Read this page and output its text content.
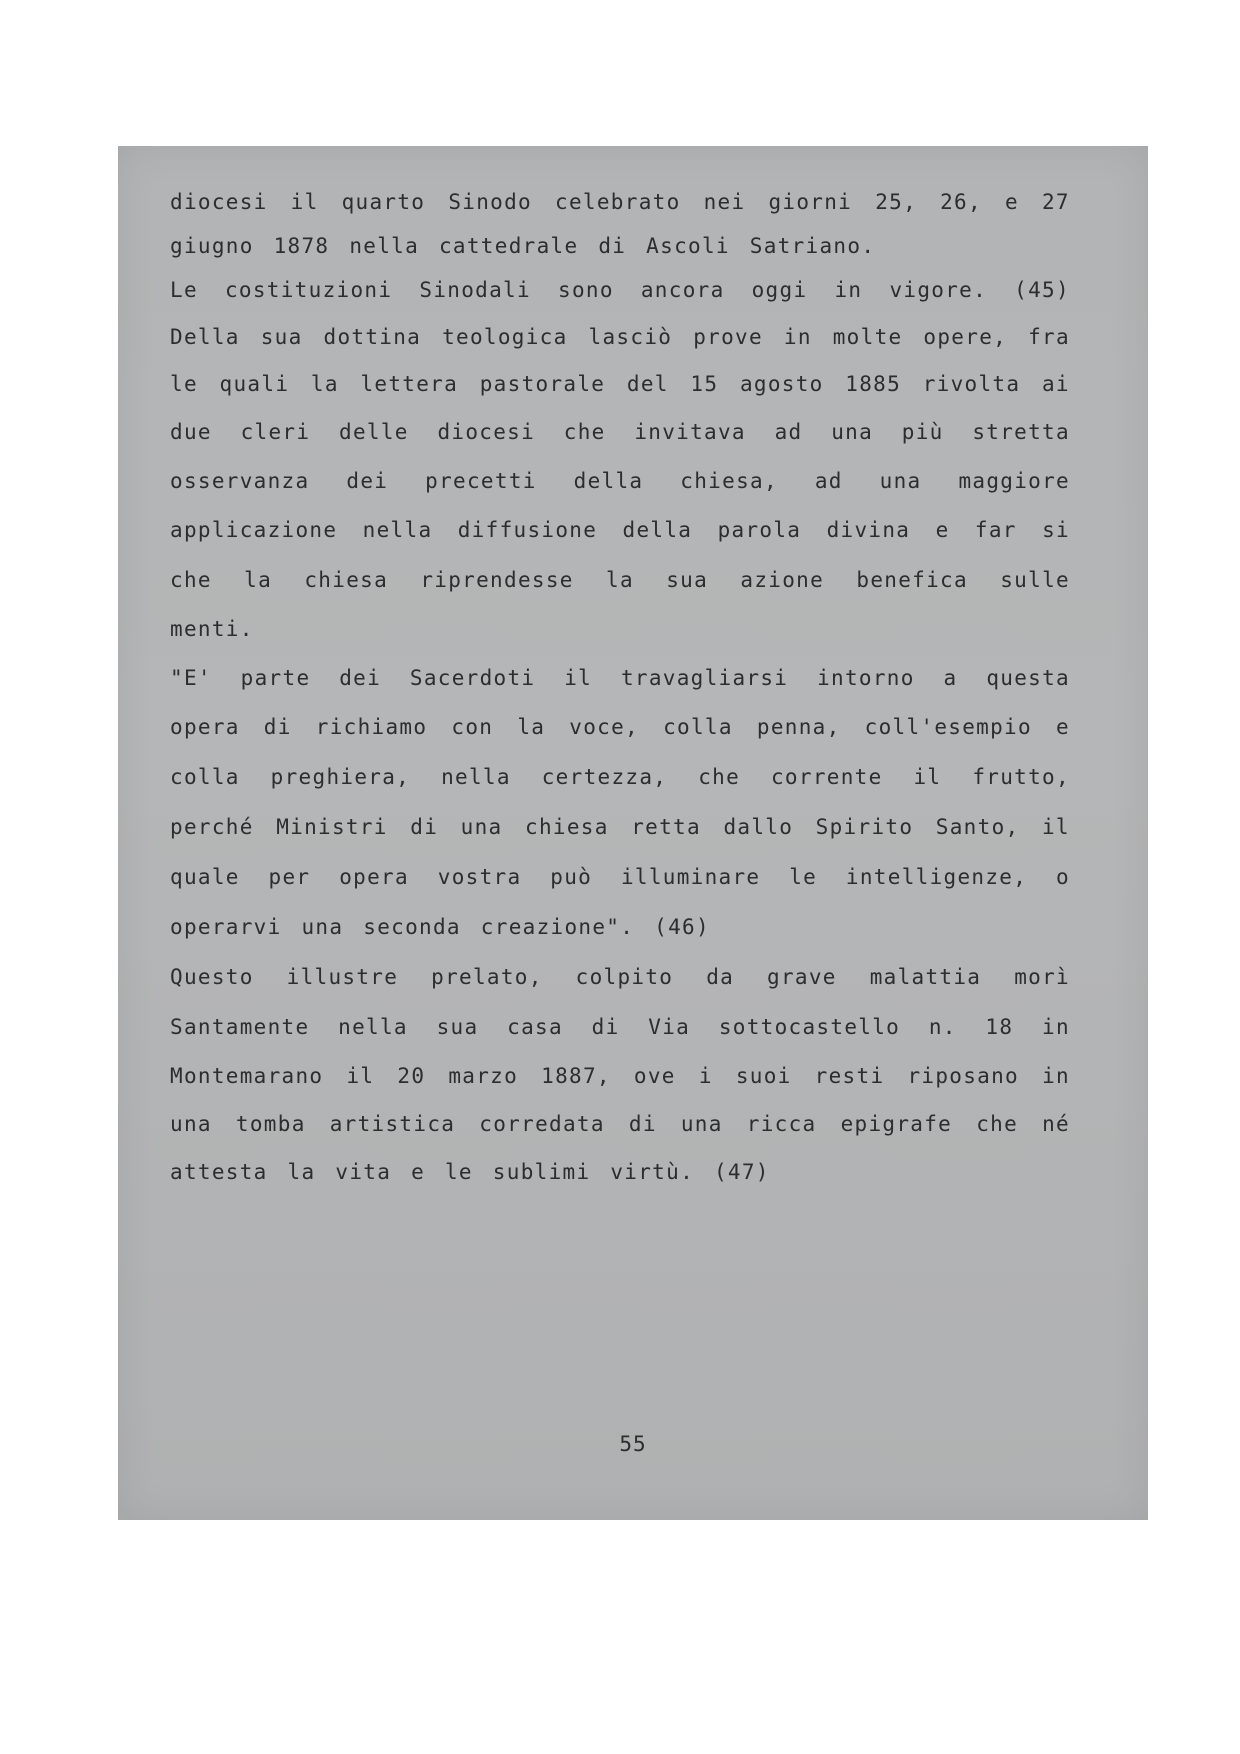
diocesi il quarto Sinodo celebrato nei giorni 25, 26, e 27
giugno 1878 nella cattedrale di Ascoli Satriano.
Le costituzioni Sinodali sono ancora oggi in vigore. (45)
Della sua dottina teologica lasciò prove in molte opere, fra
le quali la lettera pastorale del 15 agosto 1885 rivolta ai
due cleri delle diocesi che invitava ad una più stretta
osservanza dei precetti della chiesa, ad una maggiore
applicazione nella diffusione della parola divina e far si
che la chiesa riprendesse la sua azione benefica sulle
menti.
"E' parte dei Sacerdoti il travagliarsi intorno a questa
opera di richiamo con la voce, colla penna, coll'esempio e
colla preghiera, nella certezza, che corrente il frutto,
perché Ministri di una chiesa retta dallo Spirito Santo, il
quale per opera vostra può illuminare le intelligenze, o
operarvi una seconda creazione". (46)
Questo illustre prelato, colpito da grave malattia morì
Santamente nella sua casa di Via sottocastello n. 18 in
Montemarano il 20 marzo 1887, ove i suoi resti riposano in
una tomba artistica corredata di una ricca epigrafe che né
attesta la vita e le sublimi virtù. (47)
55
